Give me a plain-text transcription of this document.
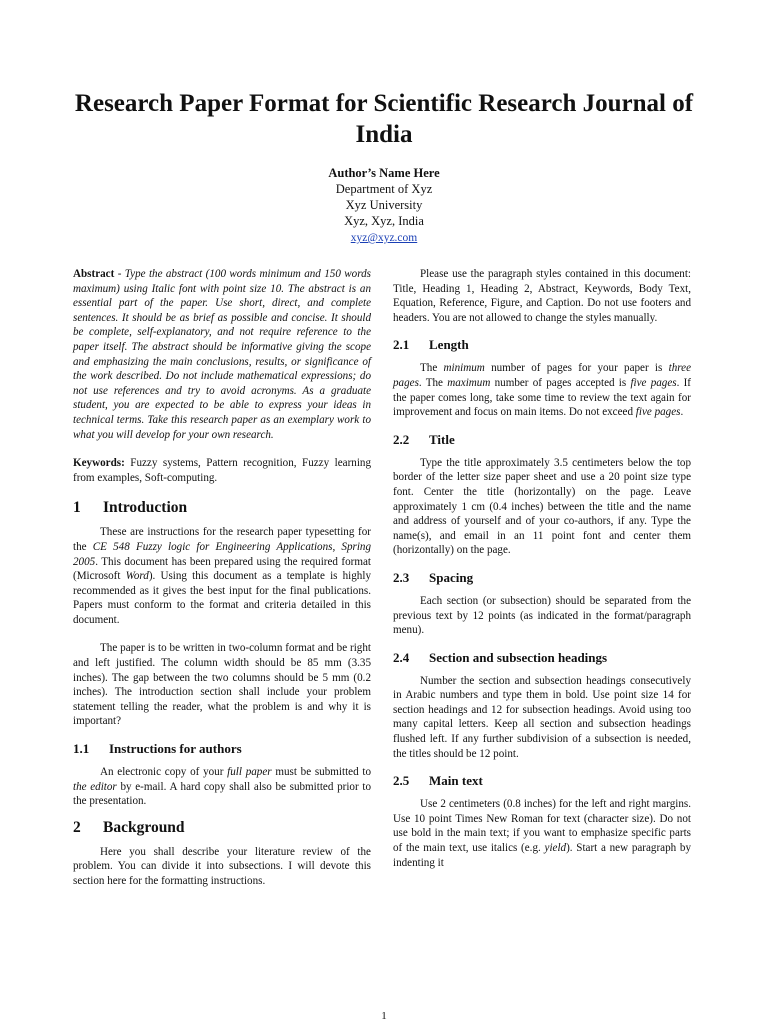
Research Paper Format for Scientific Research Journal of India
Author’s Name Here
Department of Xyz
Xyz University
Xyz, Xyz, India
xyz@xyz.com

Abstract - Type the abstract (100 words minimum and 150 words maximum) using Italic font with point size 10. The abstract is an essential part of the paper. Use short, direct, and complete sentences. It should be as brief as possible and concise. It should be complete, self-explanatory, and not require reference to the paper itself. The abstract should be informative giving the scope and emphasizing the main conclusions, results, or significance of the work described. Do not include mathematical expressions; do not use references and try to avoid acronyms. As a graduate student, you are expected to be able to express your ideas in technical terms. Take this research paper as an exemplary work to what you will develop for your own research.

Keywords: Fuzzy systems, Pattern recognition, Fuzzy learning from examples, Soft-computing.

1 Introduction

These are instructions for the research paper typesetting for the CE 548 Fuzzy logic for Engineering Applications, Spring 2005. This document has been prepared using the required format (Microsoft Word). Using this document as a template is highly recommended as it gives the best input for the final publications. Papers must conform to the format and criteria detailed in this document.

The paper is to be written in two-column format and be right and left justified. The column width should be 85 mm (3.35 inches). The gap between the two columns should be 5 mm (0.2 inches). The introduction section shall include your problem statement telling the reader, what the problem is and why it is important?

1.1 Instructions for authors

An electronic copy of your full paper must be submitted to the editor by e-mail. A hard copy shall also be submitted prior to the presentation.

2 Background

Here you shall describe your literature review of the problem. You can divide it into subsections. I will devote this section here for the formatting instructions.

Please use the paragraph styles contained in this document: Title, Heading 1, Heading 2, Abstract, Keywords, Body Text, Equation, Reference, Figure, and Caption. Do not use footers and headers. You are not allowed to change the styles manually.

2.1 Length

The minimum number of pages for your paper is three pages. The maximum number of pages accepted is five pages. If the paper comes long, take some time to review the text again for improvement and focus on main items. Do not exceed five pages.

2.2 Title

Type the title approximately 3.5 centimeters below the top border of the letter size paper sheet and use a 20 point size type font. Center the title (horizontally) on the page. Leave approximately 1 cm (0.4 inches) between the title and the name and address of yourself and of your co-authors, if any. Type the name(s), and email in an 11 point font and center them (horizontally) on the page.

2.3 Spacing

Each section (or subsection) should be separated from the previous text by 12 points (as indicated in the format/paragraph menu).

2.4 Section and subsection headings

Number the section and subsection headings consecutively in Arabic numbers and type them in bold. Use point size 14 for section headings and 12 for subsection headings. Avoid using too many capital letters. Keep all section and subsection headings flushed left. If any further subdivision of a subsection is needed, the titles should be 12 point.

2.5 Main text

Use 2 centimeters (0.8 inches) for the left and right margins. Use 10 point Times New Roman for text (character size). Do not use bold in the main text; if you want to emphasize specific parts of the main text, use italics (e.g. yield). Start a new paragraph by indenting it

1
